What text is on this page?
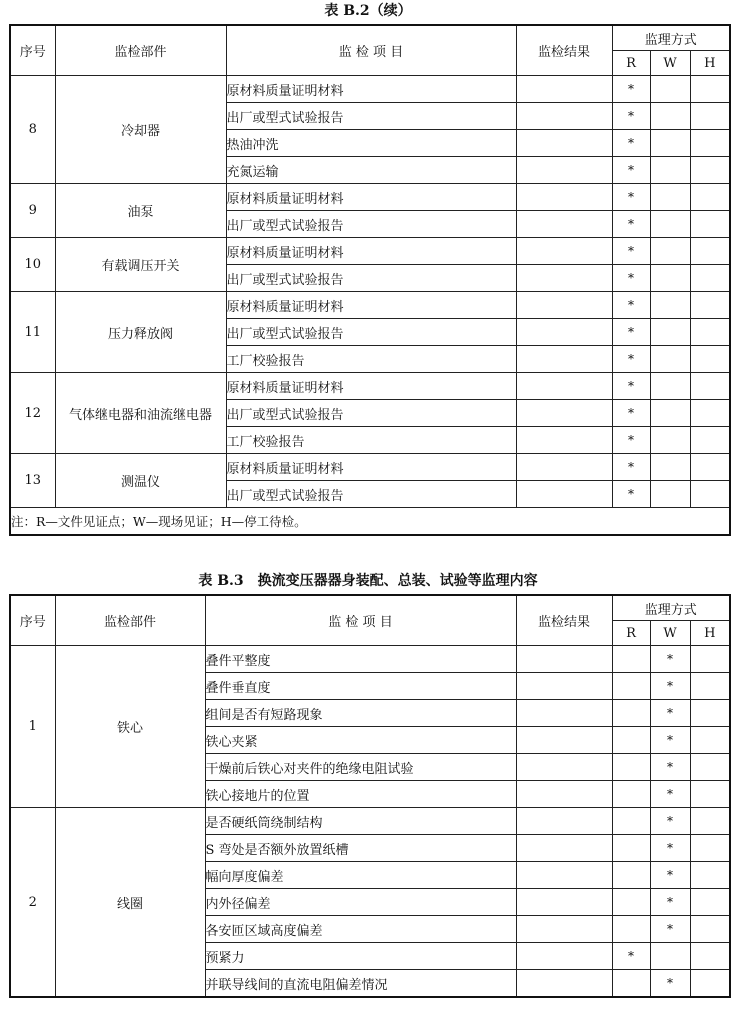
表 B.2（续）
序号	监检部件	监 检 项 目	监检结果	监理方式		
				R	W	H
8	冷却器	原材料质量证明材料		*		
		出厂或型式试验报告		*		
		热油冲洗		*		
		充氮运输		*		
9	油泵	原材料质量证明材料		*		
		出厂或型式试验报告		*		
10	有载调压开关	原材料质量证明材料		*		
		出厂或型式试验报告		*		
11	压力释放阀	原材料质量证明材料		*		
		出厂或型式试验报告		*		
		工厂校验报告		*		
12	气体继电器和油流继电器	原材料质量证明材料		*		
		出厂或型式试验报告		*		
		工厂校验报告		*		
13	测温仪	原材料质量证明材料		*		
		出厂或型式试验报告		*		
注：R—文件见证点；W—现场见证；H—停工待检。						
表 B.3　换流变压器器身装配、总装、试验等监理内容
序号	监检部件	监 检 项 目	监检结果	监理方式		
				R	W	H
1	铁心	叠件平整度			*	
		叠件垂直度			*	
		组间是否有短路现象			*	
		铁心夹紧			*	
		干燥前后铁心对夹件的绝缘电阻试验			*	
		铁心接地片的位置			*	
2	线圈	是否硬纸筒绕制结构			*	
		S 弯处是否额外放置纸槽			*	
		幅向厚度偏差			*	
		内外径偏差			*	
		各安匝区域高度偏差			*	
		预紧力		*		
		并联导线间的直流电阻偏差情况			*	
